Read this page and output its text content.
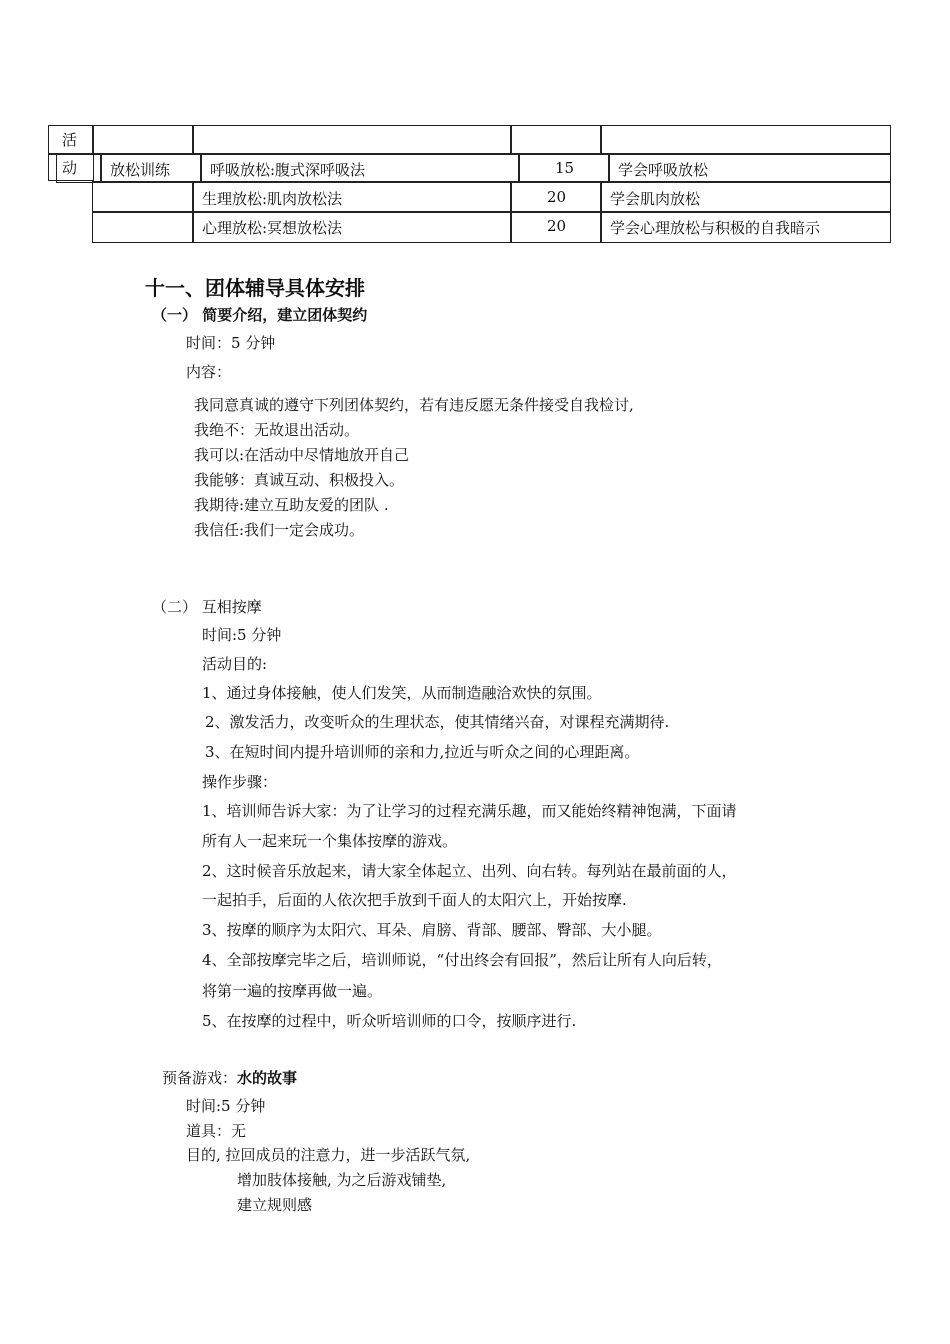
活
动 放松训练	呼吸放松:腹式深呼吸法	15	学会呼吸放松
生理放松:肌肉放松法	20	学会肌肉放松
心理放松:冥想放松法	20	学会心理放松与积极的自我暗示
十一、团体辅导具体安排
（一） 简要介绍，建立团体契约
时间：5 分钟
内容：
我同意真诚的遵守下列团体契约，若有违反愿无条件接受自我检讨,
我绝不：无故退出活动。
我可以:在活动中尽情地放开自己
我能够：真诚互动、积极投入。
我期待:建立互助友爱的团队 .
我信任:我们一定会成功。
（二） 互相按摩
时间:5 分钟
活动目的:
1、通过身体接触，使人们发笑，从而制造融洽欢快的氛围。
2、激发活力，改变听众的生理状态，使其情绪兴奋，对课程充满期待.
3、在短时间内提升培训师的亲和力,拉近与听众之间的心理距离。
操作步骤：
1、培训师告诉大家：为了让学习的过程充满乐趣，而又能始终精神饱满，下面请
所有人一起来玩一个集体按摩的游戏。
2、这时候音乐放起来，请大家全体起立、出列、向右转。每列站在最前面的人，
一起拍手，后面的人依次把手放到千面人的太阳穴上，开始按摩.
3、按摩的顺序为太阳穴、耳朵、肩膀、背部、腰部、臀部、大小腿。
4、全部按摩完毕之后，培训师说，“付出终会有回报”，然后让所有人向后转，
将第一遍的按摩再做一遍。
5、在按摩的过程中，听众听培训师的口令，按顺序进行.
预备游戏：水的故事
时间:5 分钟
道具：无
目的, 拉回成员的注意力，进一步活跃气氛,
增加肢体接触, 为之后游戏铺垫,
建立规则感
